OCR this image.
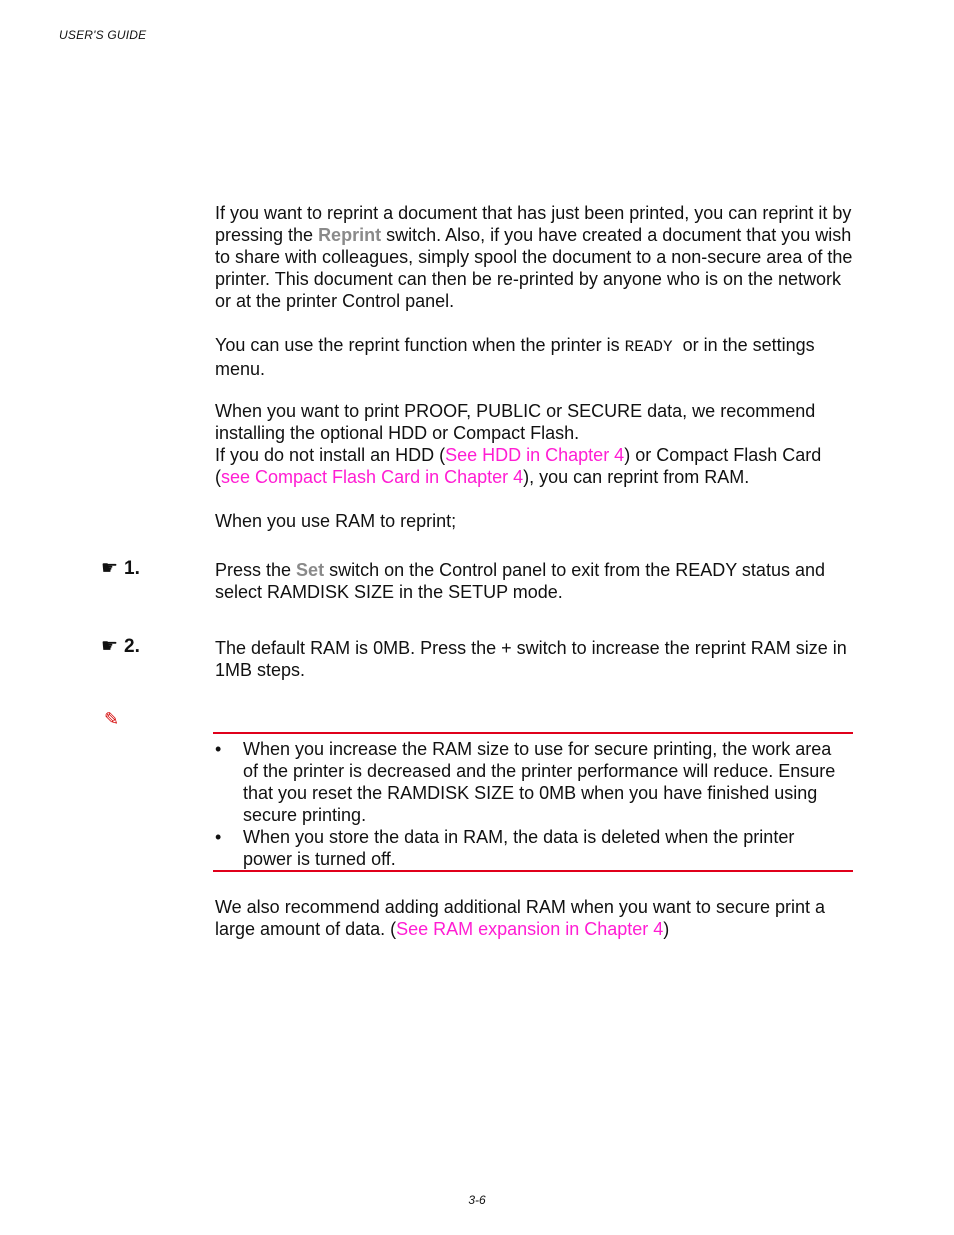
USER'S GUIDE
If you want to reprint a document that has just been printed, you can reprint it by pressing the Reprint switch. Also, if you have created a document that you wish to share with colleagues, simply spool the document to a non-secure area of the printer. This document can then be re-printed by anyone who is on the network or at the printer Control panel.
You can use the reprint function when the printer is READY  or in the settings menu.
When you want to print PROOF, PUBLIC or SECURE data, we recommend installing the optional HDD or Compact Flash.
If you do not install an HDD (See HDD in Chapter 4) or Compact Flash Card (see Compact Flash Card in Chapter 4), you can reprint from RAM.
When you use RAM to reprint;
☛ 1.	Press the Set switch on the Control panel to exit from the READY status and select RAMDISK SIZE in the SETUP mode.
☛ 2.	The default RAM is 0MB. Press the + switch to increase the reprint RAM size in 1MB steps.
✎
• When you increase the RAM size to use for secure printing, the work area of the printer is decreased and the printer performance will reduce. Ensure that you reset the RAMDISK SIZE to 0MB when you have finished using secure printing.
• When you store the data in RAM, the data is deleted when the printer power is turned off.
We also recommend adding additional RAM when you want to secure print a large amount of data. (See RAM expansion in Chapter 4)
3-6
